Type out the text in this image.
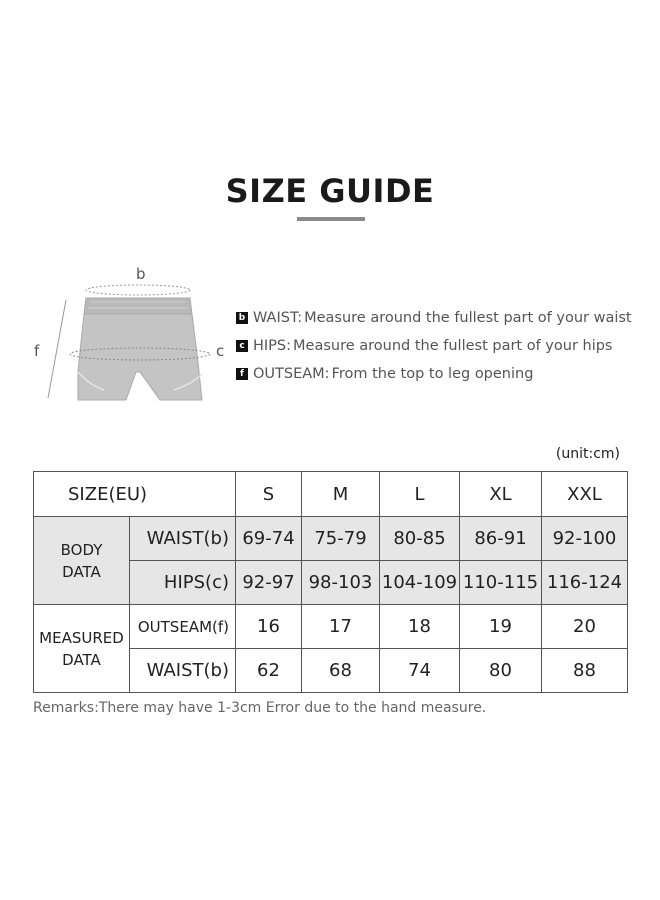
SIZE GUIDE
b
c
f
b WAIST: Measure around the fullest part of your waist
c HIPS: Measure around the fullest part of your hips
f OUTSEAM: From the top to leg opening
(unit:cm)
SIZE(EU)		S	M	L	XL	XXL
BODY
DATA	WAIST(b)	69-74	75-79	80-85	86-91	92-100
	HIPS(c)	92-97	98-103	104-109	110-115	116-124
MEASURED
DATA	OUTSEAM(f)	16	17	18	19	20
	WAIST(b)	62	68	74	80	88
Remarks:There may have 1-3cm Error due to the hand measure.
